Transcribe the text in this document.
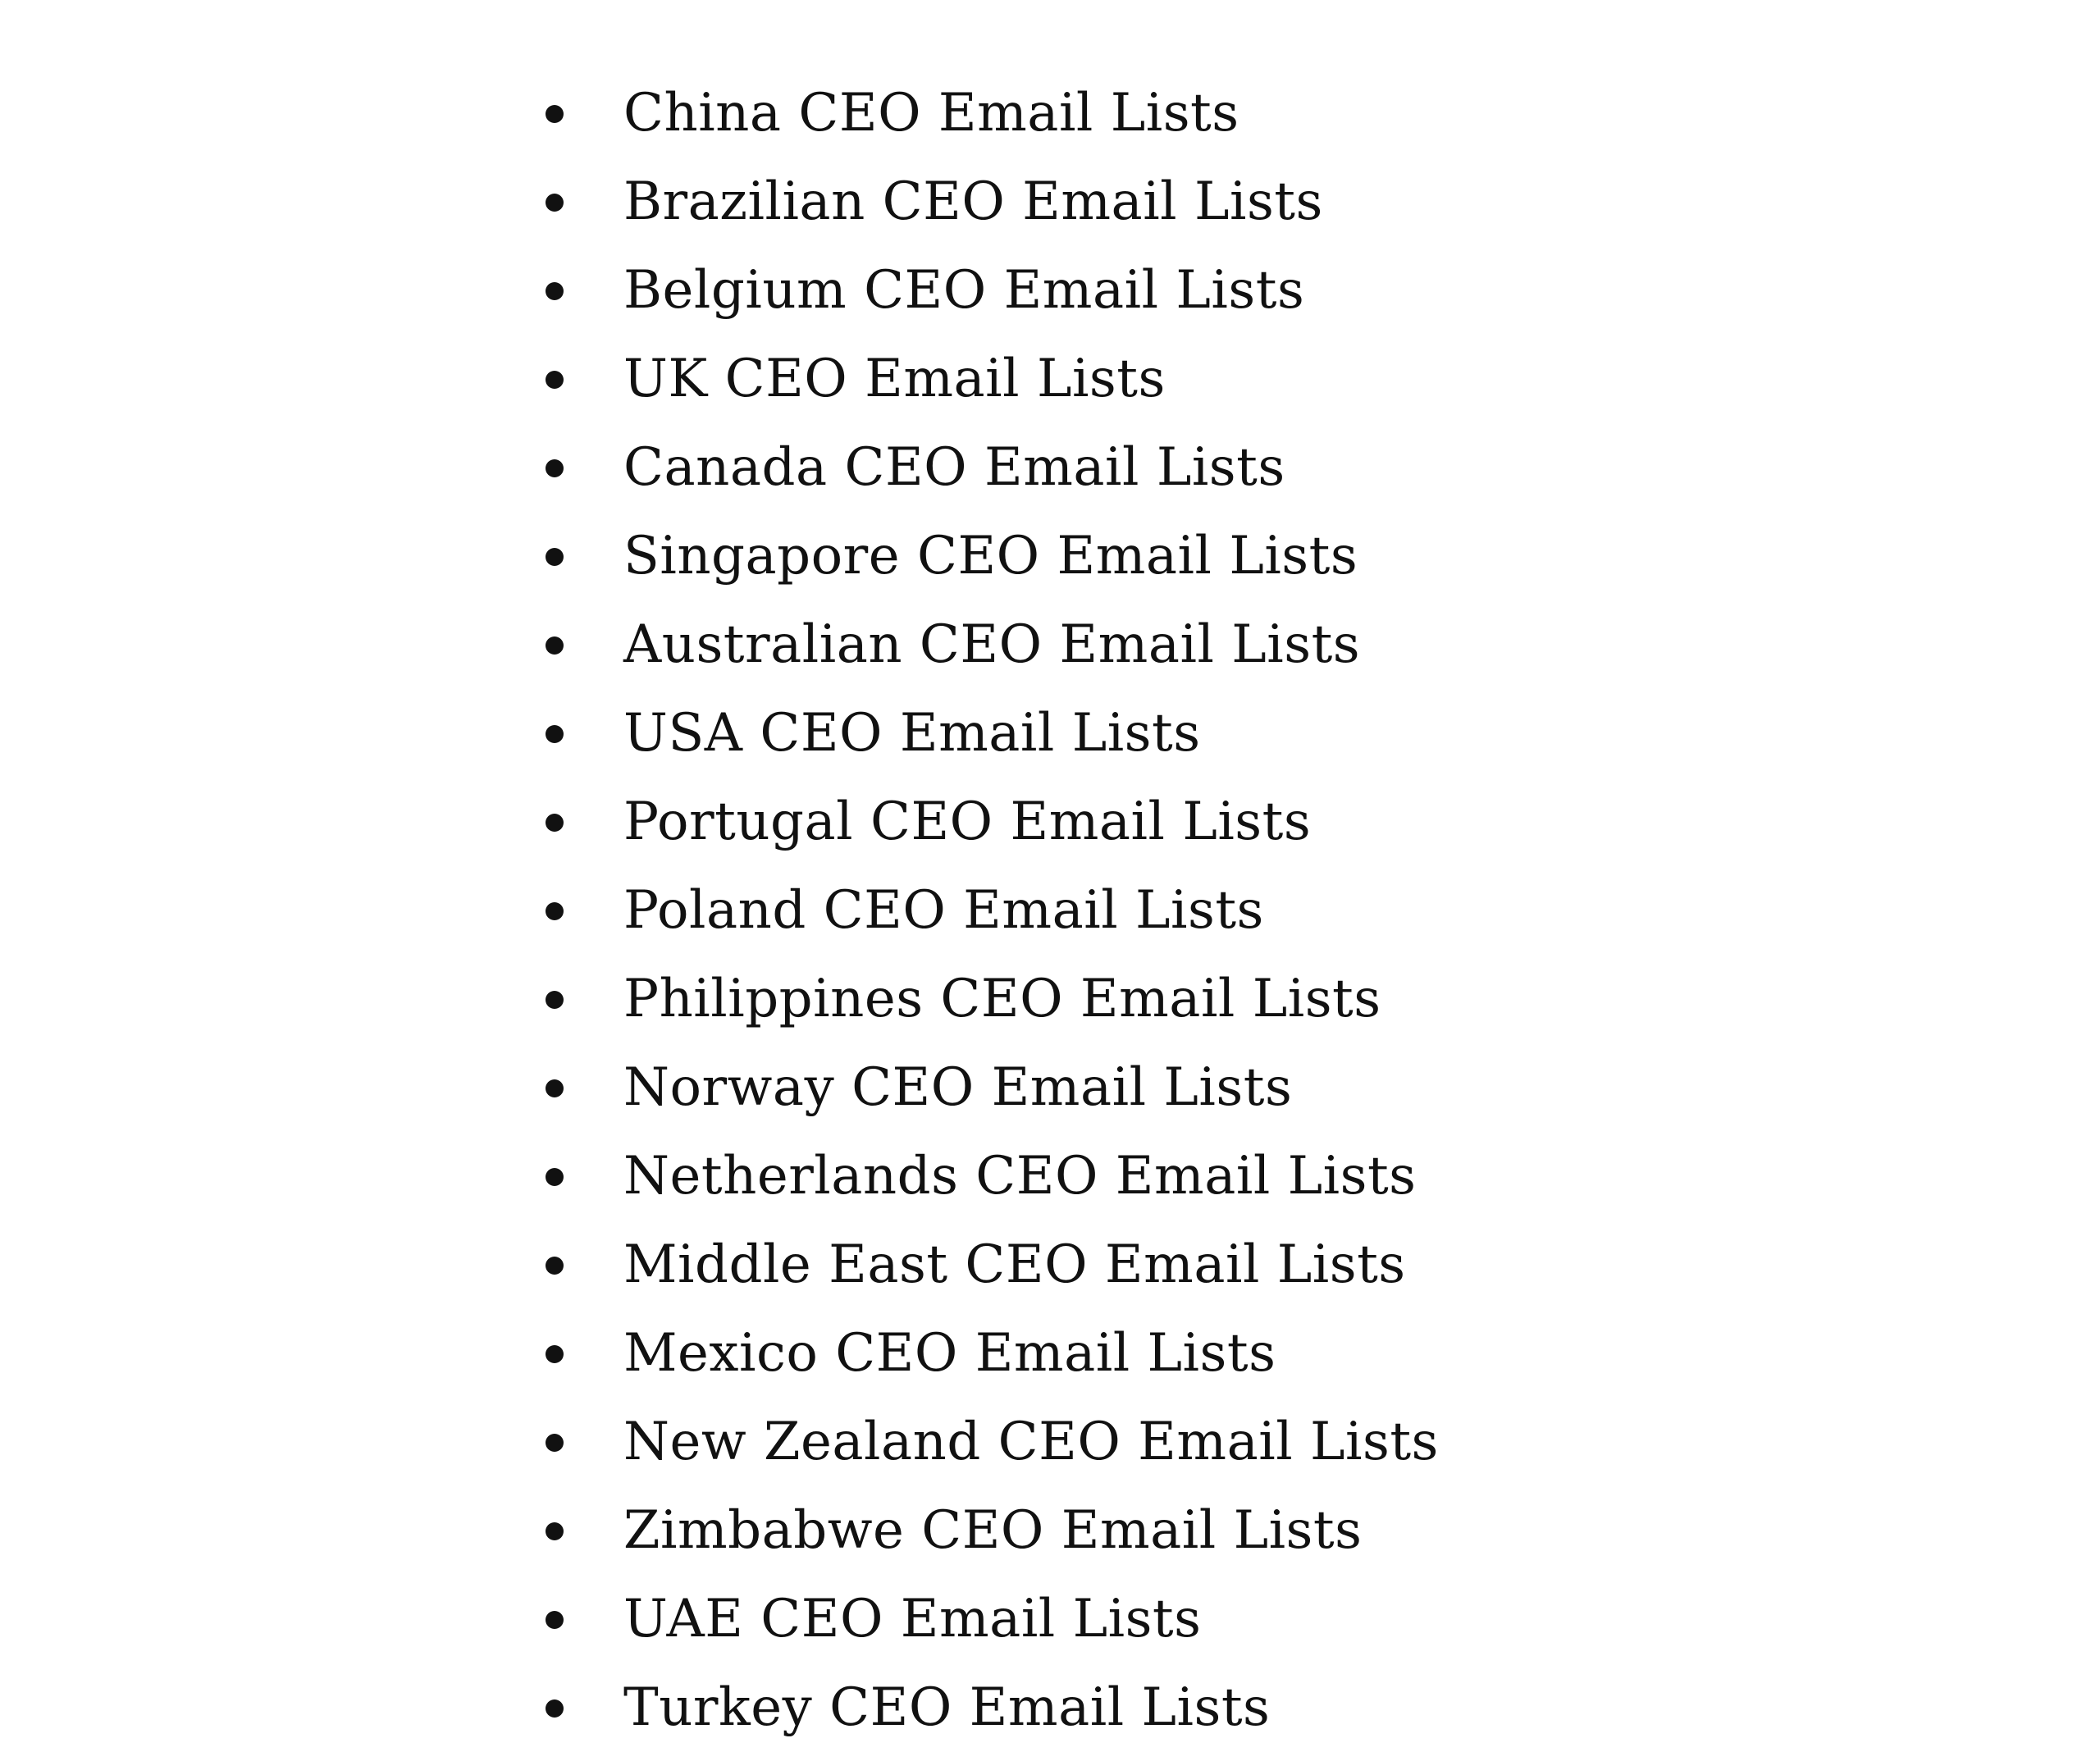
China CEO Email Lists
Brazilian CEO Email Lists
Belgium CEO Email Lists
UK CEO Email Lists
Canada CEO Email Lists
Singapore CEO Email Lists
Australian CEO Email Lists
USA CEO Email Lists
Portugal CEO Email Lists
Poland CEO Email Lists
Philippines CEO Email Lists
Norway CEO Email Lists
Netherlands CEO Email Lists
Middle East CEO Email Lists
Mexico CEO Email Lists
New Zealand CEO Email Lists
Zimbabwe CEO Email Lists
UAE CEO Email Lists
Turkey CEO Email Lists
